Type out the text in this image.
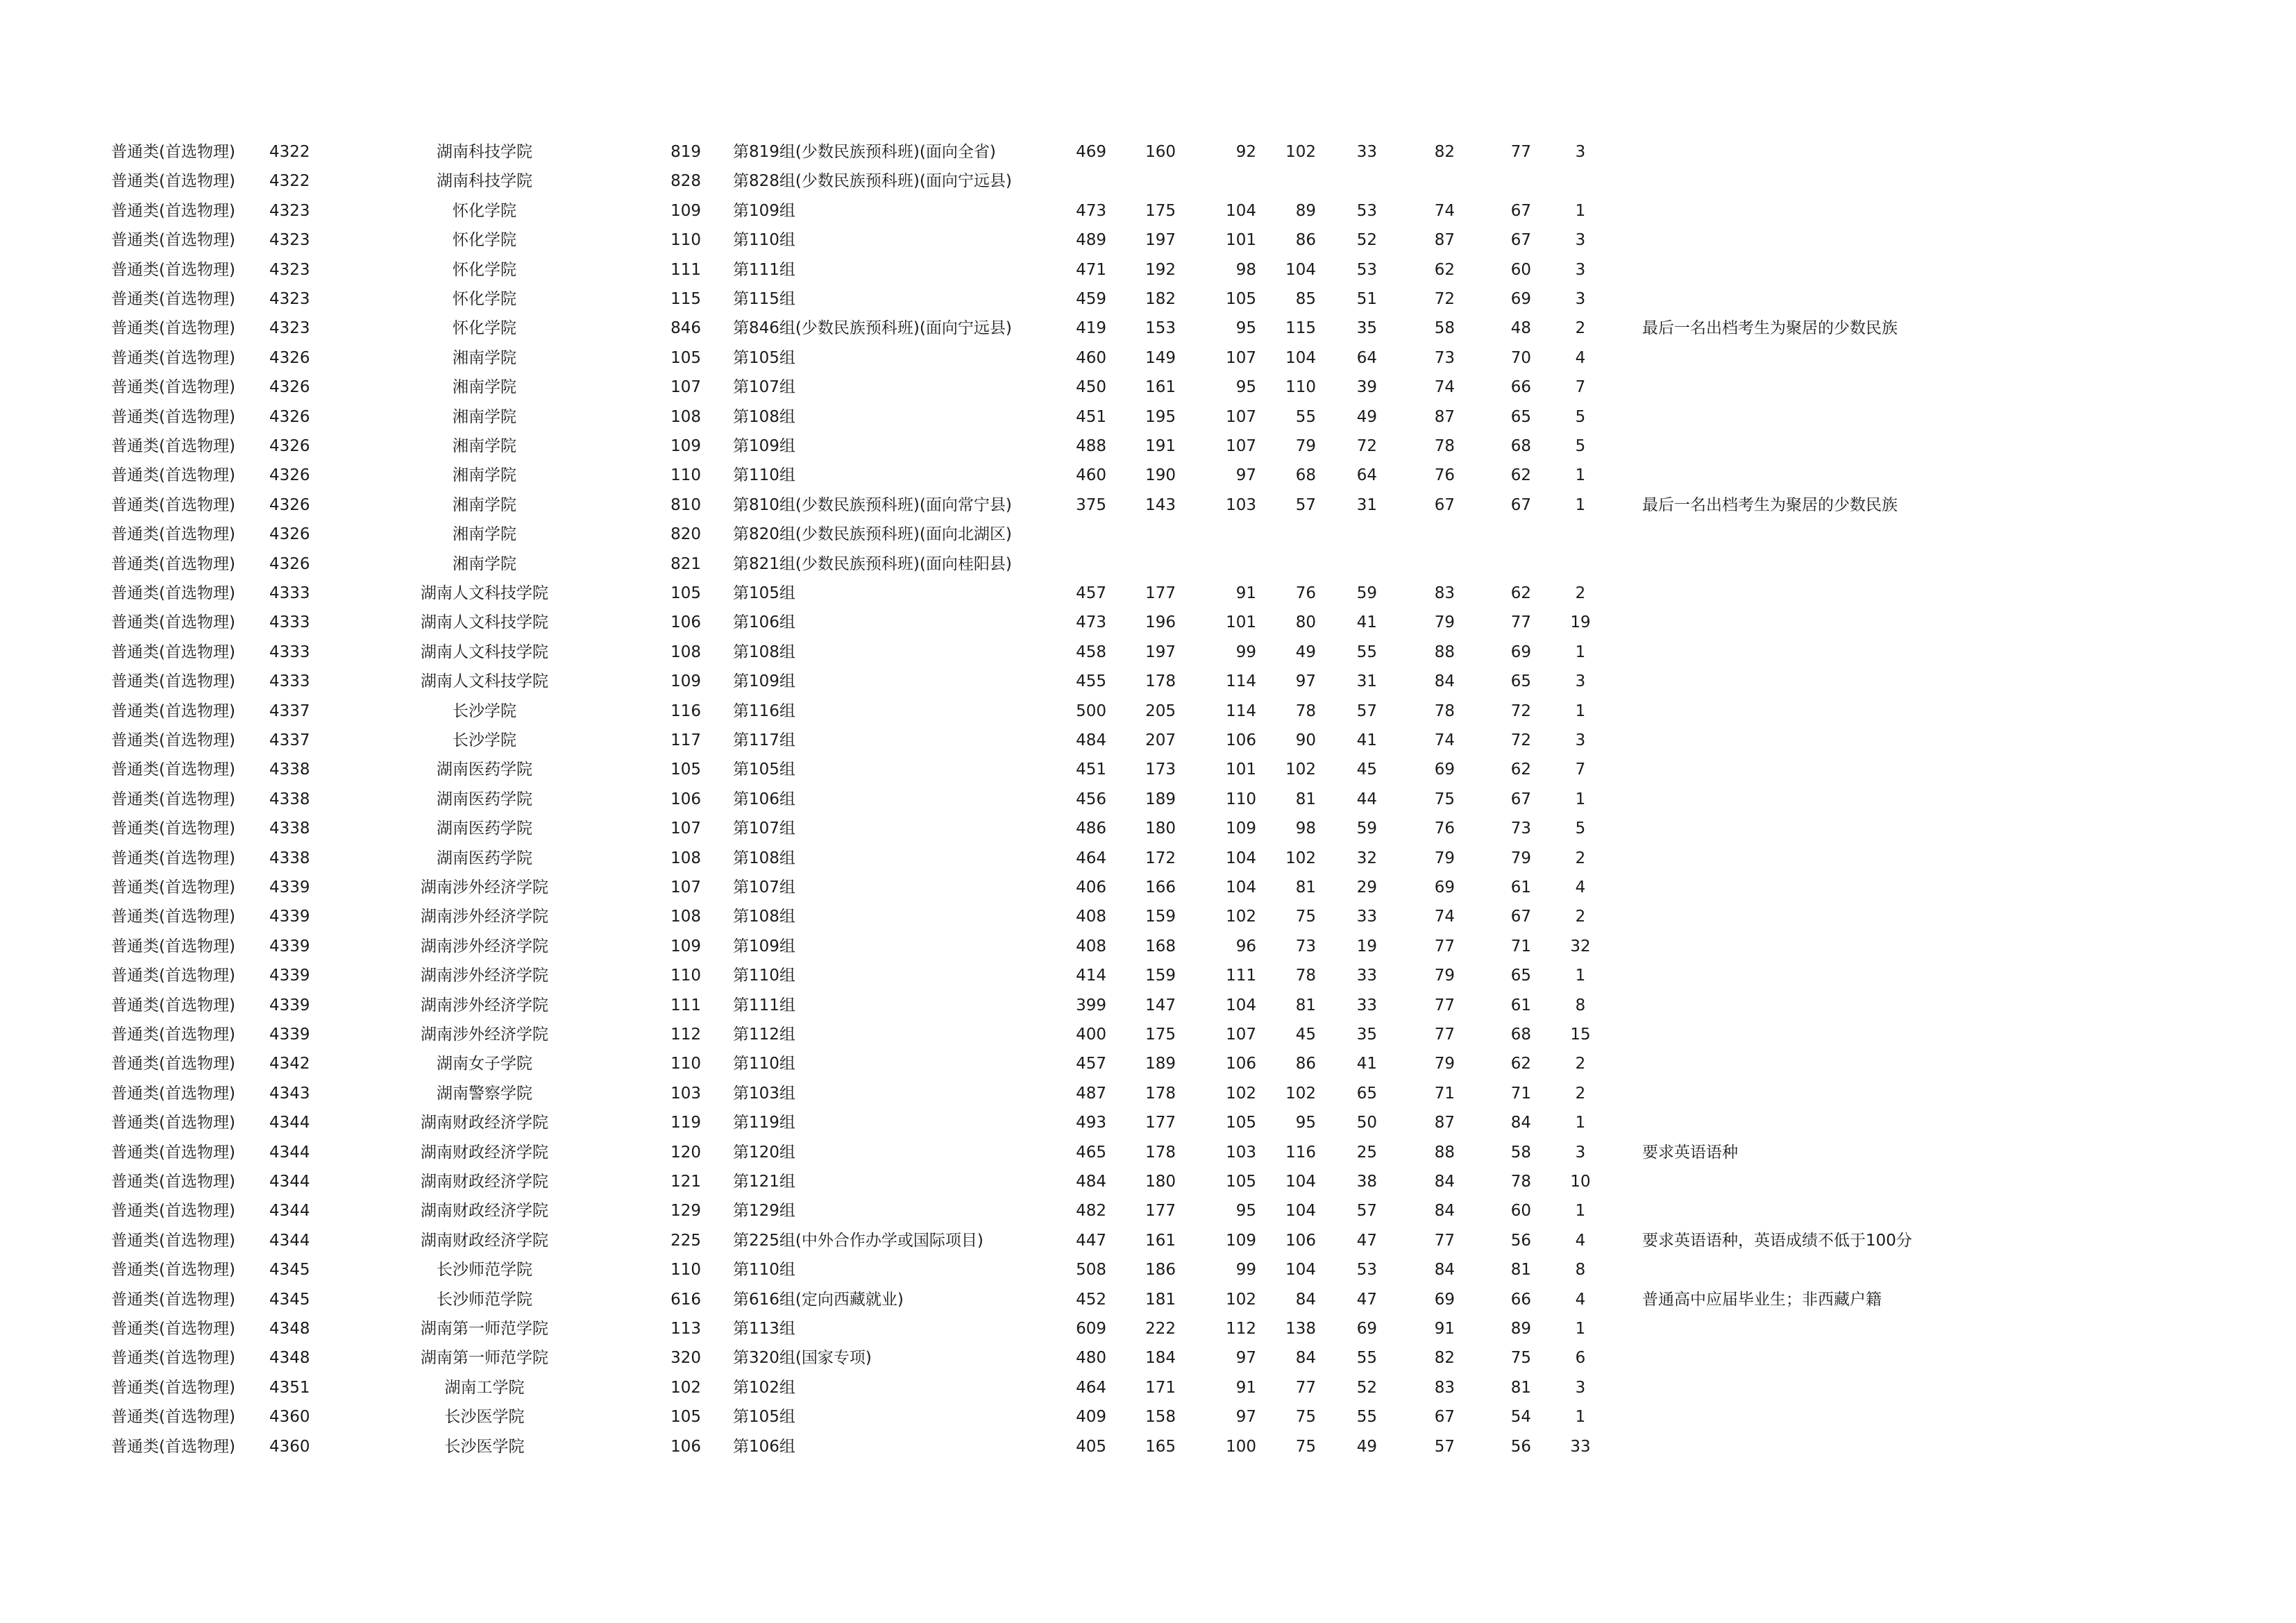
普通类(首选物理) 4322	湖南科技学院	819 第819组(少数民族预科班)(面向全省)	469	160	92	102	33	82	77	3
普通类(首选物理) 4322	湖南科技学院	828 第828组(少数民族预科班)(面向宁远县)
普通类(首选物理) 4323	怀化学院	109 第109组	473	175	104	89	53	74	67	1
普通类(首选物理) 4323	怀化学院	110 第110组	489	197	101	86	52	87	67	3
普通类(首选物理) 4323	怀化学院	111 第111组	471	192	98	104	53	62	60	3
普通类(首选物理) 4323	怀化学院	115 第115组	459	182	105	85	51	72	69	3
普通类(首选物理) 4323	怀化学院	846 第846组(少数民族预科班)(面向宁远县)	419	153	95	115	35	58	48	2	最后一名出档考生为聚居的少数民族
普通类(首选物理) 4326	湘南学院	105 第105组	460	149	107	104	64	73	70	4
普通类(首选物理) 4326	湘南学院	107 第107组	450	161	95	110	39	74	66	7
普通类(首选物理) 4326	湘南学院	108 第108组	451	195	107	55	49	87	65	5
普通类(首选物理) 4326	湘南学院	109 第109组	488	191	107	79	72	78	68	5
普通类(首选物理) 4326	湘南学院	110 第110组	460	190	97	68	64	76	62	1
普通类(首选物理) 4326	湘南学院	810 第810组(少数民族预科班)(面向常宁县)	375	143	103	57	31	67	67	1	最后一名出档考生为聚居的少数民族
普通类(首选物理) 4326	湘南学院	820 第820组(少数民族预科班)(面向北湖区)
普通类(首选物理) 4326	湘南学院	821 第821组(少数民族预科班)(面向桂阳县)
普通类(首选物理) 4333	湖南人文科技学院	105 第105组	457	177	91	76	59	83	62	2
普通类(首选物理) 4333	湖南人文科技学院	106 第106组	473	196	101	80	41	79	77	19
普通类(首选物理) 4333	湖南人文科技学院	108 第108组	458	197	99	49	55	88	69	1
普通类(首选物理) 4333	湖南人文科技学院	109 第109组	455	178	114	97	31	84	65	3
普通类(首选物理) 4337	长沙学院	116 第116组	500	205	114	78	57	78	72	1
普通类(首选物理) 4337	长沙学院	117 第117组	484	207	106	90	41	74	72	3
普通类(首选物理) 4338	湖南医药学院	105 第105组	451	173	101	102	45	69	62	7
普通类(首选物理) 4338	湖南医药学院	106 第106组	456	189	110	81	44	75	67	1
普通类(首选物理) 4338	湖南医药学院	107 第107组	486	180	109	98	59	76	73	5
普通类(首选物理) 4338	湖南医药学院	108 第108组	464	172	104	102	32	79	79	2
普通类(首选物理) 4339	湖南涉外经济学院	107 第107组	406	166	104	81	29	69	61	4
普通类(首选物理) 4339	湖南涉外经济学院	108 第108组	408	159	102	75	33	74	67	2
普通类(首选物理) 4339	湖南涉外经济学院	109 第109组	408	168	96	73	19	77	71	32
普通类(首选物理) 4339	湖南涉外经济学院	110 第110组	414	159	111	78	33	79	65	1
普通类(首选物理) 4339	湖南涉外经济学院	111 第111组	399	147	104	81	33	77	61	8
普通类(首选物理) 4339	湖南涉外经济学院	112 第112组	400	175	107	45	35	77	68	15
普通类(首选物理) 4342	湖南女子学院	110 第110组	457	189	106	86	41	79	62	2
普通类(首选物理) 4343	湖南警察学院	103 第103组	487	178	102	102	65	71	71	2
普通类(首选物理) 4344	湖南财政经济学院	119 第119组	493	177	105	95	50	87	84	1
普通类(首选物理) 4344	湖南财政经济学院	120 第120组	465	178	103	116	25	88	58	3	要求英语语种
普通类(首选物理) 4344	湖南财政经济学院	121 第121组	484	180	105	104	38	84	78	10
普通类(首选物理) 4344	湖南财政经济学院	129 第129组	482	177	95	104	57	84	60	1
普通类(首选物理) 4344	湖南财政经济学院	225 第225组(中外合作办学或国际项目)	447	161	109	106	47	77	56	4	要求英语语种，英语成绩不低于100分
普通类(首选物理) 4345	长沙师范学院	110 第110组	508	186	99	104	53	84	81	8
普通类(首选物理) 4345	长沙师范学院	616 第616组(定向西藏就业)	452	181	102	84	47	69	66	4	普通高中应届毕业生；非西藏户籍
普通类(首选物理) 4348	湖南第一师范学院	113 第113组	609	222	112	138	69	91	89	1
普通类(首选物理) 4348	湖南第一师范学院	320 第320组(国家专项)	480	184	97	84	55	82	75	6
普通类(首选物理) 4351	湖南工学院	102 第102组	464	171	91	77	52	83	81	3
普通类(首选物理) 4360	长沙医学院	105 第105组	409	158	97	75	55	67	54	1
普通类(首选物理) 4360	长沙医学院	106 第106组	405	165	100	75	49	57	56	33
